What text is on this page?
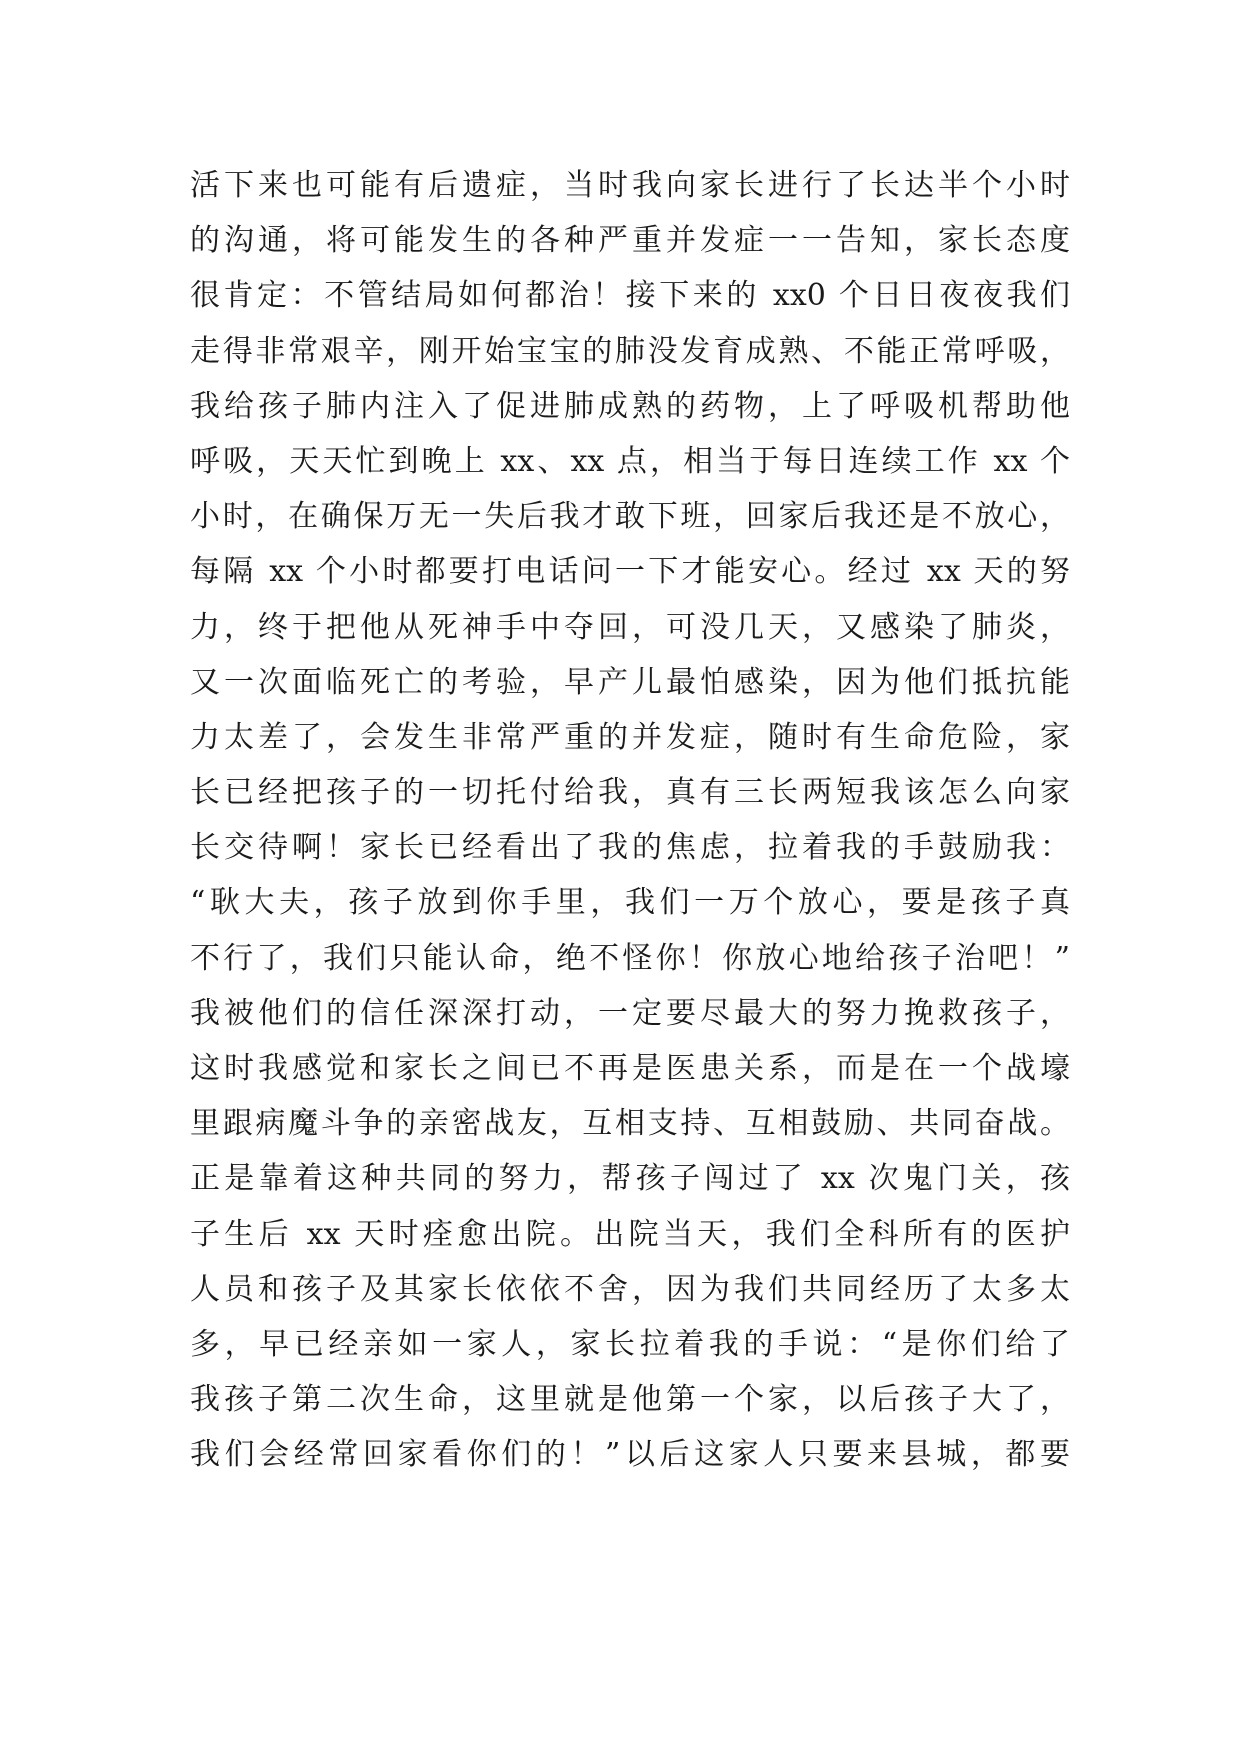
活下来也可能有后遗症，当时我向家长进行了长达半个小时
的沟通，将可能发生的各种严重并发症一一告知，家长态度
很肯定：不管结局如何都治！接下来的 xx0 个日日夜夜我们
走得非常艰辛，刚开始宝宝的肺没发育成熟、不能正常呼吸，
我给孩子肺内注入了促进肺成熟的药物，上了呼吸机帮助他
呼吸，天天忙到晚上 xx、xx 点，相当于每日连续工作 xx 个
小时，在确保万无一失后我才敢下班，回家后我还是不放心，
每隔 xx 个小时都要打电话问一下才能安心。经过 xx 天的努
力，终于把他从死神手中夺回，可没几天，又感染了肺炎，
又一次面临死亡的考验，早产儿最怕感染，因为他们抵抗能
力太差了，会发生非常严重的并发症，随时有生命危险，家
长已经把孩子的一切托付给我，真有三长两短我该怎么向家
长交待啊！家长已经看出了我的焦虑，拉着我的手鼓励我：
“耿大夫，孩子放到你手里，我们一万个放心，要是孩子真
不行了，我们只能认命，绝不怪你！你放心地给孩子治吧！”
我被他们的信任深深打动，一定要尽最大的努力挽救孩子，
这时我感觉和家长之间已不再是医患关系，而是在一个战壕
里跟病魔斗争的亲密战友，互相支持、互相鼓励、共同奋战。
正是靠着这种共同的努力，帮孩子闯过了 xx 次鬼门关，孩
子生后 xx 天时痊愈出院。出院当天，我们全科所有的医护
人员和孩子及其家长依依不舍，因为我们共同经历了太多太
多，早已经亲如一家人，家长拉着我的手说：“是你们给了
我孩子第二次生命，这里就是他第一个家，以后孩子大了，
我们会经常回家看你们的！”以后这家人只要来县城，都要
